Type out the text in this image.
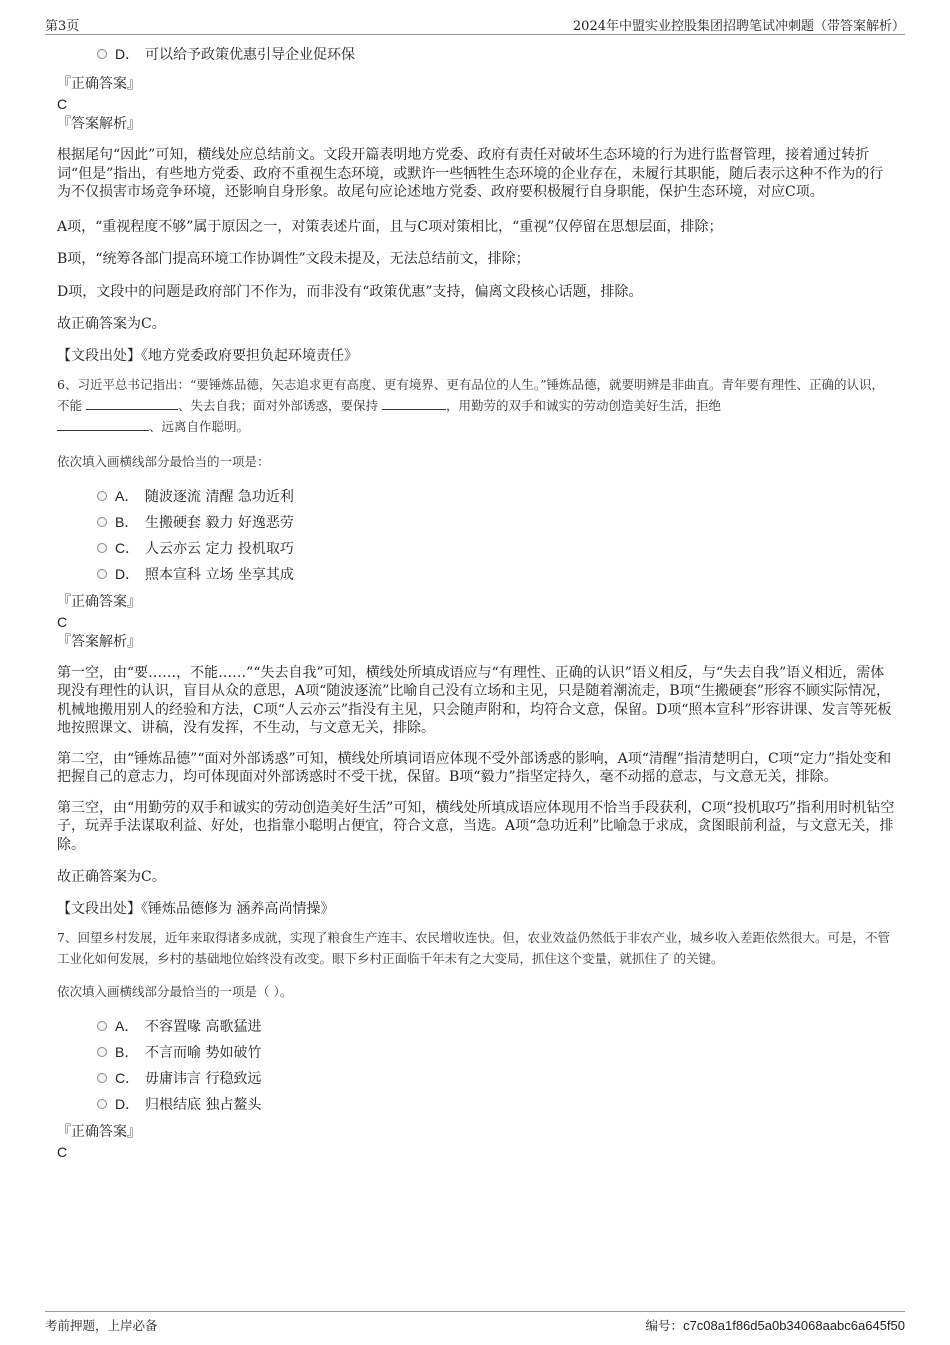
第3页	2024年中盟实业控股集团招聘笔试冲刺题（带答案解析）
D． 可以给予政策优惠引导企业促环保
『正确答案』
C
『答案解析』

根据尾句“因此”可知，横线处应总结前文。文段开篇表明地方党委、政府有责任对破坏生态环境的行为进行监督管理，接着通过转折词“但是”指出，有些地方党委、政府不重视生态环境，或默许一些牺牲生态环境的企业存在，未履行其职能，随后表示这种不作为的行为不仅损害市场竞争环境，还影响自身形象。故尾句应论述地方党委、政府要积极履行自身职能，保护生态环境，对应C项。

A项，“重视程度不够”属于原因之一，对策表述片面，且与C项对策相比，“重视”仅停留在思想层面，排除；

B项，“统筹各部门提高环境工作协调性”文段未提及，无法总结前文，排除；

D项，文段中的问题是政府部门不作为，而非没有“政策优惠”支持，偏离文段核心话题，排除。

故正确答案为C。

【文段出处】《地方党委政府要担负起环境责任》

6、习近平总书记指出：“要锤炼品德，矢志追求更有高度、更有境界、更有品位的人生。”锤炼品德，就要明辨是非曲直。青年要有理性、正确的认识，不能	、失去自我；面对外部诱惑，要保持	，用勤劳的双手和诚实的劳动创造美好生活，拒绝
、远离自作聪明。

依次填入画横线部分最恰当的一项是：

A． 随波逐流 清醒 急功近利
B． 生搬硬套 毅力 好逸恶劳
C． 人云亦云 定力 投机取巧
D． 照本宣科 立场 坐享其成
『正确答案』
C
『答案解析』

第一空，由“要……，不能……”“失去自我”可知，横线处所填成语应与“有理性、正确的认识”语义相反，与“失去自我”语义相近，需体现没有理性的认识，盲目从众的意思，A项“随波逐流”比喻自己没有立场和主见，只是随着潮流走，B项“生搬硬套”形容不顾实际情况，机械地搬用别人的经验和方法，C项“人云亦云”指没有主见，只会随声附和，均符合文意，保留。D项“照本宣科”形容讲课、发言等死板地按照课文、讲稿，没有发挥，不生动，与文意无关，排除。

第二空，由“锤炼品德”“面对外部诱惑”可知，横线处所填词语应体现不受外部诱惑的影响，A项“清醒”指清楚明白，C项“定力”指处变和把握自己的意志力，均可体现面对外部诱惑时不受干扰，保留。B项“毅力”指坚定持久，毫不动摇的意志，与文意无关，排除。

第三空，由“用勤劳的双手和诚实的劳动创造美好生活”可知，横线处所填成语应体现用不恰当手段获利，C项“投机取巧”指利用时机钻空子，玩弄手法谋取利益、好处，也指靠小聪明占便宜，符合文意，当选。A项“急功近利”比喻急于求成，贪图眼前利益，与文意无关，排除。

故正确答案为C。

【文段出处】《锤炼品德修为 涵养高尚情操》

7、回望乡村发展，近年来取得诸多成就，实现了粮食生产连丰、农民增收连快。但，农业效益仍然低于非农产业，城乡收入差距依然很大。可是，不管工业化如何发展，乡村的基础地位始终没有改变。眼下乡村正面临千年未有之大变局，抓住这个变量，就抓住了 的关键。

依次填入画横线部分最恰当的一项是（ ）。

A． 不容置喙 高歌猛进
B． 不言而喻 势如破竹
C． 毋庸讳言 行稳致远
D． 归根结底 独占鳌头
『正确答案』
C
考前押题，上岸必备	编号：c7c08a1f86d5a0b34068aabc6a645f50
